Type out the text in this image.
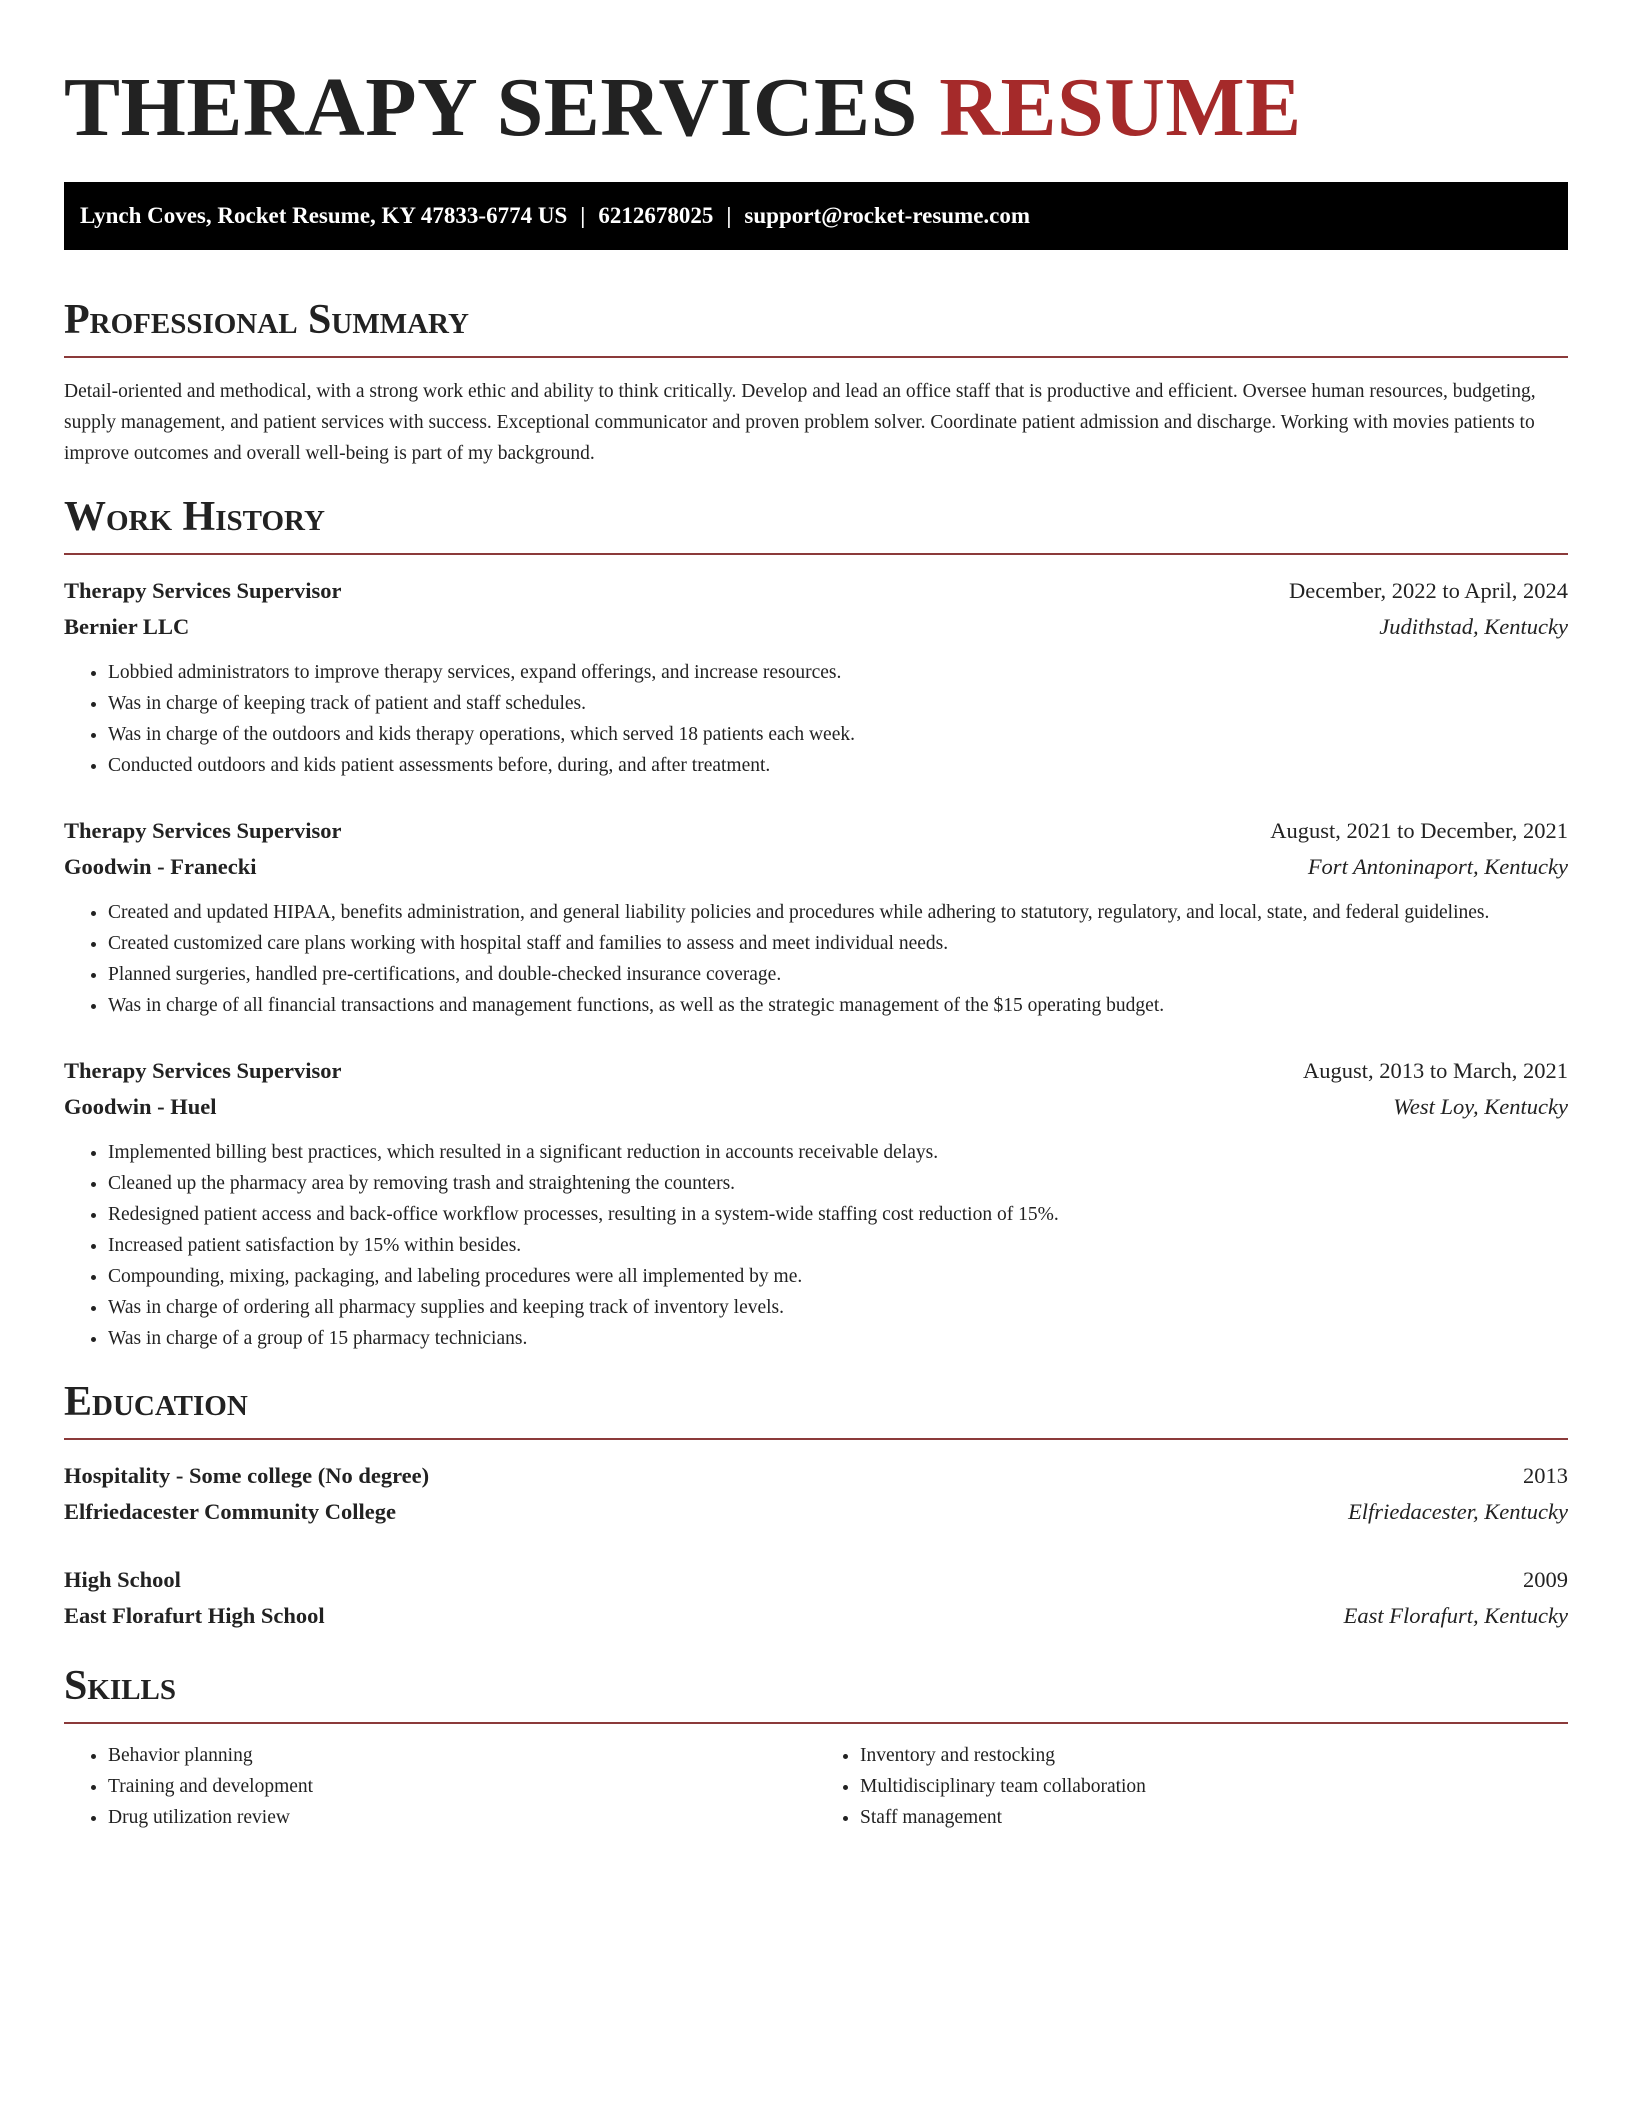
THERAPY SERVICES RESUME
Lynch Coves, Rocket Resume, KY 47833-6774 US | 6212678025 | support@rocket-resume.com
Professional Summary

Detail-oriented and methodical, with a strong work ethic and ability to think critically. Develop and lead an office staff that is productive and efficient. Oversee human resources, budgeting, supply management, and patient services with success. Exceptional communicator and proven problem solver. Coordinate patient admission and discharge. Working with movies patients to improve outcomes and overall well-being is part of my background.

Work History
Therapy Services Supervisor	December, 2022 to April, 2024
Bernier LLC	Judithstad, Kentucky
• Lobbied administrators to improve therapy services, expand offerings, and increase resources.
• Was in charge of keeping track of patient and staff schedules.
• Was in charge of the outdoors and kids therapy operations, which served 18 patients each week.
• Conducted outdoors and kids patient assessments before, during, and after treatment.
Therapy Services Supervisor	August, 2021 to December, 2021
Goodwin - Franecki	Fort Antoninaport, Kentucky
• Created and updated HIPAA, benefits administration, and general liability policies and procedures while adhering to statutory, regulatory, and local, state, and federal guidelines.
• Created customized care plans working with hospital staff and families to assess and meet individual needs.
• Planned surgeries, handled pre-certifications, and double-checked insurance coverage.
• Was in charge of all financial transactions and management functions, as well as the strategic management of the $15 operating budget.
Therapy Services Supervisor	August, 2013 to March, 2021
Goodwin - Huel	West Loy, Kentucky
• Implemented billing best practices, which resulted in a significant reduction in accounts receivable delays.
• Cleaned up the pharmacy area by removing trash and straightening the counters.
• Redesigned patient access and back-office workflow processes, resulting in a system-wide staffing cost reduction of 15%.
• Increased patient satisfaction by 15% within besides.
• Compounding, mixing, packaging, and labeling procedures were all implemented by me.
• Was in charge of ordering all pharmacy supplies and keeping track of inventory levels.
• Was in charge of a group of 15 pharmacy technicians.
Education
Hospitality - Some college (No degree)	2013
Elfriedacester Community College	Elfriedacester, Kentucky
High School	2009
East Florafurt High School	East Florafurt, Kentucky
Skills
• Behavior planning
• Training and development
• Drug utilization review
• Inventory and restocking
• Multidisciplinary team collaboration
• Staff management
